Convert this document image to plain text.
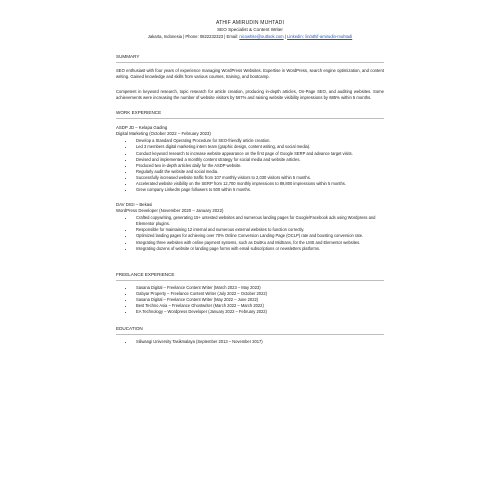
ATHIF AMIRUDIN MUHTADI
SEO Specialist & Content Writer
Jakarta, Indonesia | Phone: 0822232323 | Email: nicowhite@outlook.com | Linkedin: /in/athif-amirudin-muhtadi
SUMMARY

SEO enthusiast with four years of experience managing WordPress Websites. Expertise in WordPress, search engine optimization, and content writing. Gained knowledge and skills from various courses, training, and bootcamp.

Competent in keyword research, topic research for article creation, producing in-depth articles, On-Page SEO, and auditing websites. Some achievements were increasing the number of website visitors by 567% and raising website visibility impressions by 685% within 5 months.

WORK EXPERIENCE
ASDP JD – Kelapa Gading
Digital Marketing (October 2022 – February 2023)
• Develop a Standard Operating Procedure for SEO-friendly article creation.
• Led 3 members digital marketing intern team (graphic design, content writing, and social media).
• Conduct keyword research to increase website appearance on the first page of Google SERP and advance target visits.
• Devised and implemented a monthly content strategy for social media and website articles.
• Produced two in-depth articles daily for the ASDP website.
• Regularly audit the website and social media.
• Successfully increased website traffic from 107 monthly visitors to 2,030 visitors within 5 months.
• Accelerated website visibility on the SERP from 12,700 monthly impressions to 89,800 impressions within 5 months.
• Grew company LinkedIn page followers to 500 within 5 months.
DAV DIGI – Bekasi
WordPress Developer (November 2020 – January 2022)
• Crafted copywriting, generating 15+ untested websites and numerous landing pages for Google/Facebook ads using Wordpress and Elementor plugins.
• Responsible for maintaining 12 internal and numerous external websites to function correctly.
• Optimized landing pages for achieving over 70% Online Conversion Landing Page (OCLP) rate and boosting conversion rate.
• Integrating three websites with online payment systems, such as DuitKu and Midtrans, for the LMS and Elementor websites.
• Integrating dozens of website or landing page forms with email subscriptions or newsletters platforms.
FREELANCE EXPERIENCE
• Sasana Digital – Freelance Content Writer (March 2023 – May 2023)
• Gabyar Property – Freelance Content Writer (July 2022 – October 2022)
• Sasana Digital – Freelance Content Writer (May 2022 – June 2022)
• Best Techno Asia – Freelance Ghostwriter (March 2022 – March 2022)
• EA Technology – Wordpress Developer (January 2022 – February 2022)
EDUCATION
• Siliwangi University Tasikmalaya (September 2013 – November 2017)
